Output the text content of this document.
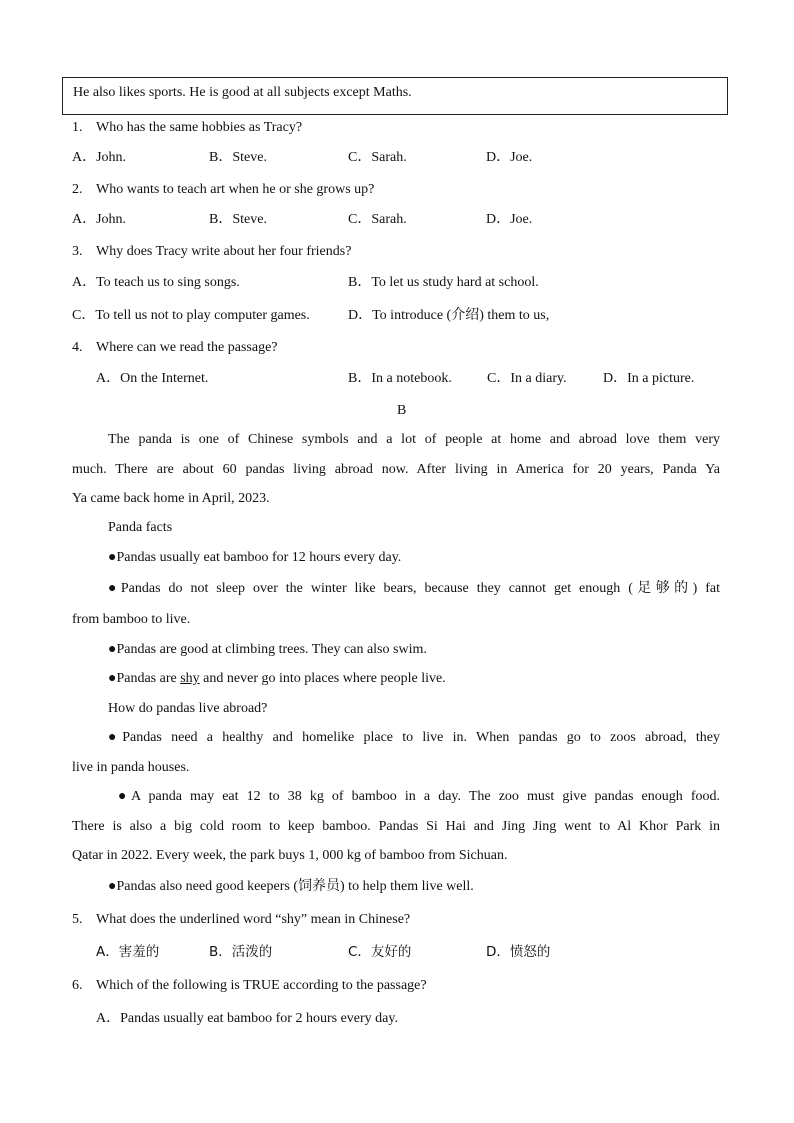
He also likes sports. He is good at all subjects except Maths.
1. Who has the same hobbies as Tracy?
A．John.	B．Steve.	C．Sarah.	D．Joe.
2. Who wants to teach art when he or she grows up?
A．John.	B．Steve.	C．Sarah.	D．Joe.
3. Why does Tracy write about her four friends?
A．To teach us to sing songs.	B．To let us study hard at school.
C．To tell us not to play computer games.	D．To introduce (介绍) them to us,
4. Where can we read the passage?
A．On the Internet.	B．In a notebook.	C．In a diary.	D．In a picture.
B
The panda is one of Chinese symbols and a lot of people at home and abroad love them very
much. There are about 60 pandas living abroad now. After living in America for 20 years, Panda Ya
Ya came back home in April, 2023.
Panda facts
●Pandas usually eat bamboo for 12 hours every day.
●Pandas do not sleep over the winter like bears, because they cannot get enough (足够的) fat
from bamboo to live.
●Pandas are good at climbing trees. They can also swim.
●Pandas are shy and never go into places where people live.
How do pandas live abroad?
●Pandas need a healthy and homelike place to live in. When pandas go to zoos abroad, they
live in panda houses.
●A panda may eat 12 to 38 kg of bamboo in a day. The zoo must give pandas enough food.
There is also a big cold room to keep bamboo. Pandas Si Hai and Jing Jing went to Al Khor Park in
Qatar in 2022. Every week, the park buys 1, 000 kg of bamboo from Sichuan.
●Pandas also need good keepers (饲养员) to help them live well.
5. What does the underlined word “shy” mean in Chinese?
A．害羞的	B．活泼的	C．友好的	D．愤怒的
6. Which of the following is TRUE according to the passage?
A．Pandas usually eat bamboo for 2 hours every day.
